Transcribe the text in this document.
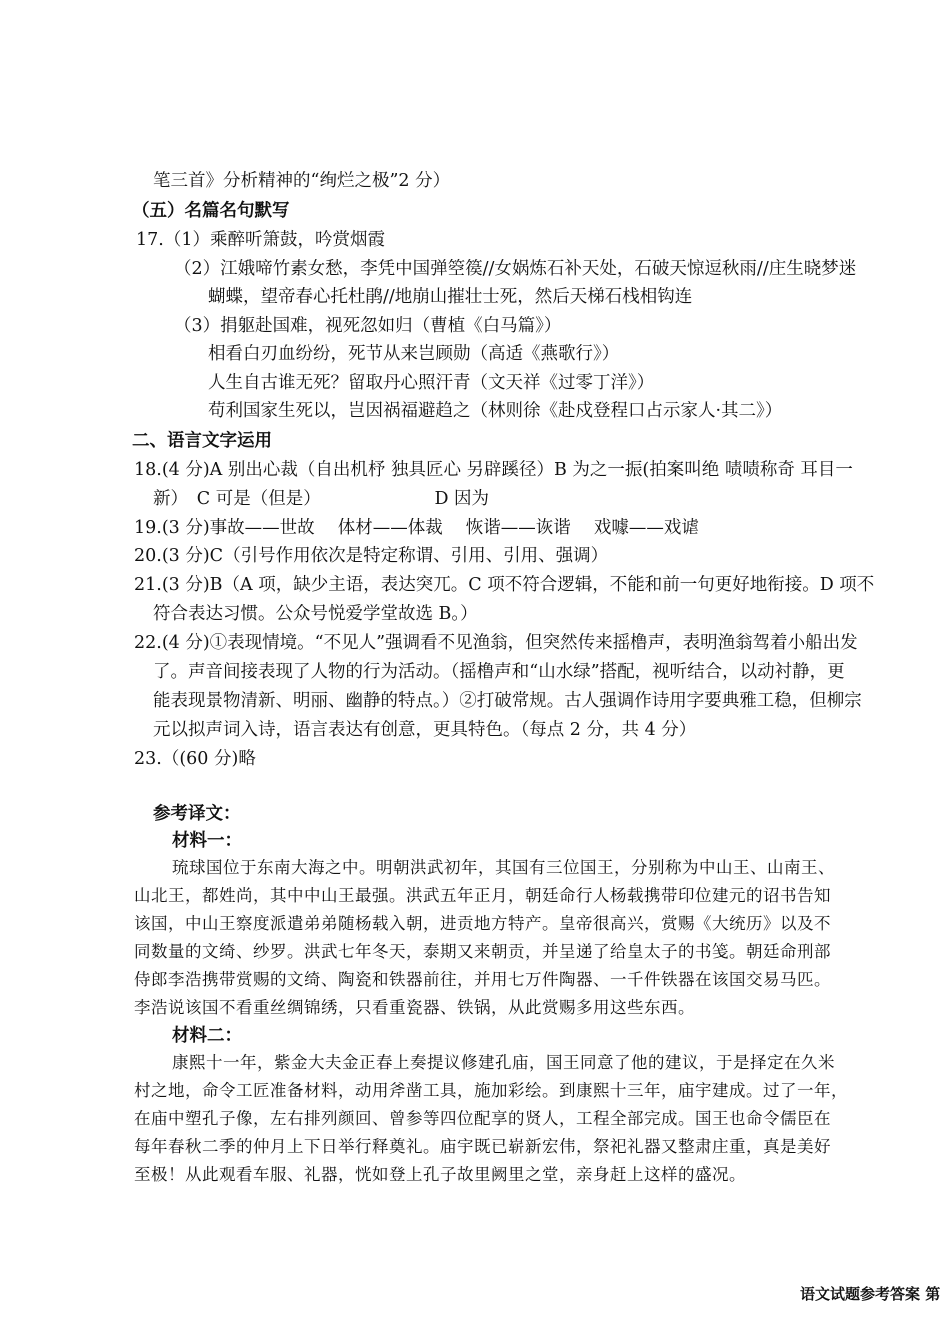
笔三首》分析精神的“绚烂之极”2 分）

（五）名篇名句默写

17.（1）乘醉听箫鼓，吟赏烟霞

（2）江娥啼竹素女愁，李凭中国弹箜篌//女娲炼石补天处，石破天惊逗秋雨//庄生晓梦迷

蝴蝶，望帝春心托杜鹃//地崩山摧壮士死，然后天梯石栈相钩连

（3）捐躯赴国难，视死忽如归（曹植《白马篇》）

相看白刃血纷纷，死节从来岂顾勋（高适《燕歌行》）

人生自古谁无死？留取丹心照汗青（文天祥《过零丁洋》）

苟利国家生死以，岂因祸福避趋之（林则徐《赴戍登程口占示家人·其二》）

二、语言文字运用

18.(4 分)A 别出心裁（自出机杼 独具匠心 另辟蹊径）B 为之一振(拍案叫绝 啧啧称奇 耳目一

新）　C 可是（但是）　　　　　　　D 因为

19.(3 分)事故——世故　 体材——体裁　 恢谐——诙谐　 戏噱——戏谑

20.(3 分)C（引号作用依次是特定称谓、引用、引用、强调）

21.(3 分)B（A 项，缺少主语，表达突兀。C 项不符合逻辑，不能和前一句更好地衔接。D 项不

符合表达习惯。公众号悦爱学堂故选 B。）

22.(4 分)①表现情境。“不见人”强调看不见渔翁，但突然传来摇橹声，表明渔翁驾着小船出发

了。声音间接表现了人物的行为活动。（摇橹声和“山水绿”搭配，视听结合，以动衬静，更

能表现景物清新、明丽、幽静的特点。）②打破常规。古人强调作诗用字要典雅工稳，但柳宗

元以拟声词入诗，语言表达有创意，更具特色。（每点 2 分，共 4 分）

23.（(60 分)略

参考译文：

材料一：

琉球国位于东南大海之中。明朝洪武初年，其国有三位国王，分别称为中山王、山南王、

山北王，都姓尚，其中中山王最强。洪武五年正月，朝廷命行人杨载携带印位建元的诏书告知

该国，中山王察度派遣弟弟随杨载入朝，进贡地方特产。皇帝很高兴，赏赐《大统历》以及不

同数量的文绮、纱罗。洪武七年冬天，泰期又来朝贡，并呈递了给皇太子的书笺。朝廷命刑部

侍郎李浩携带赏赐的文绮、陶瓷和铁器前往，并用七万件陶器、一千件铁器在该国交易马匹。

李浩说该国不看重丝绸锦绣，只看重瓷器、铁锅，从此赏赐多用这些东西。

材料二：

康熙十一年，紫金大夫金正春上奏提议修建孔庙，国王同意了他的建议，于是择定在久米

村之地，命令工匠准备材料，动用斧凿工具，施加彩绘。到康熙十三年，庙宇建成。过了一年，

在庙中塑孔子像，左右排列颜回、曾参等四位配享的贤人，工程全部完成。国王也命令儒臣在

每年春秋二季的仲月上下日举行释奠礼。庙宇既已崭新宏伟，祭祀礼器又整肃庄重，真是美好

至极！从此观看车服、礼器，恍如登上孔子故里阙里之堂，亲身赶上这样的盛况。

语文试题参考答案 第
